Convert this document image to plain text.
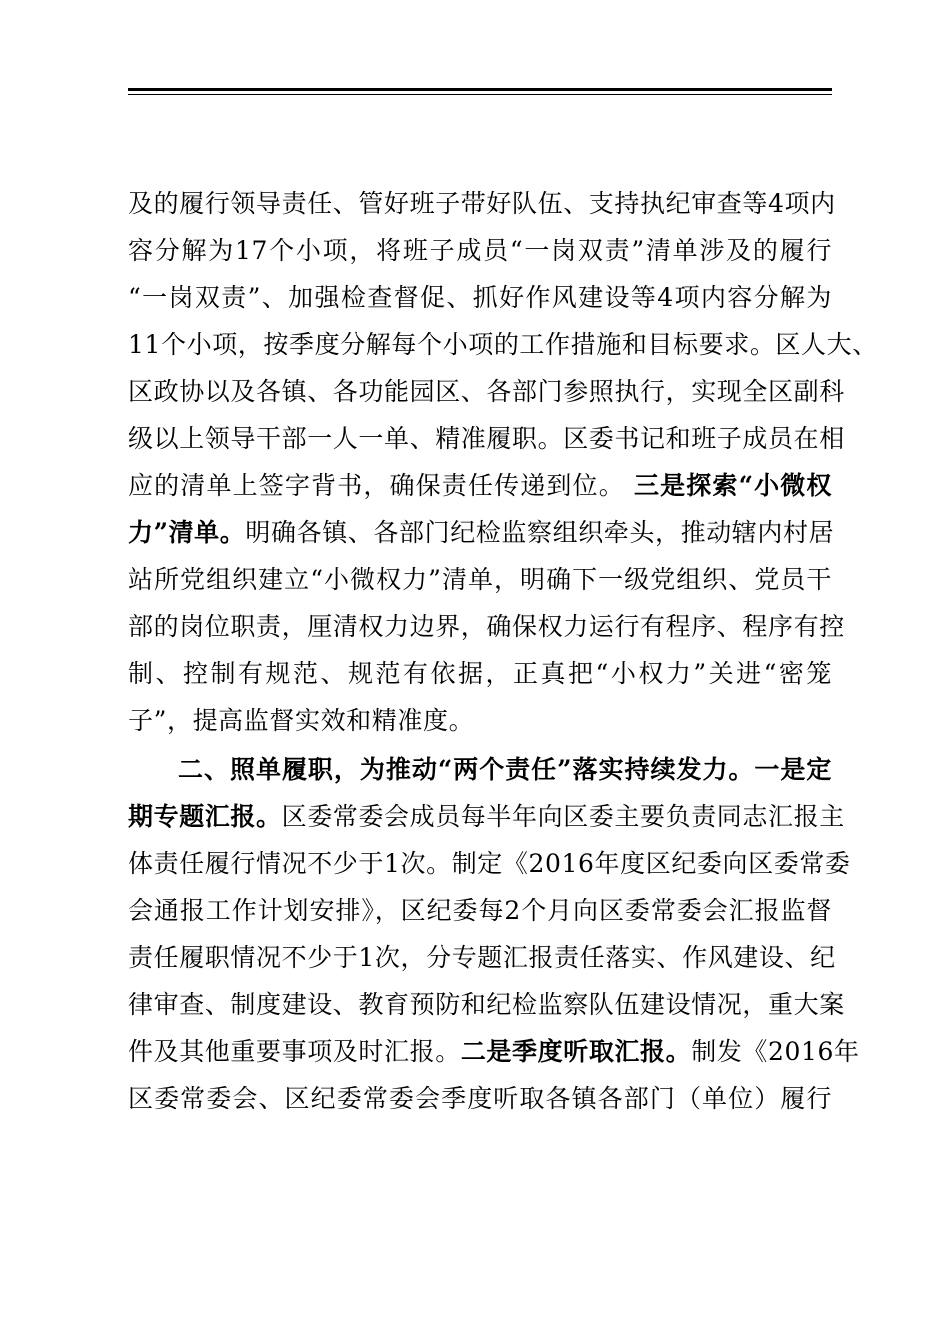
及的履行领导责任、管好班子带好队伍、支持执纪审查等4项内
容分解为17个小项，将班子成员“一岗双责”清单涉及的履行
“一岗双责”、加强检查督促、抓好作风建设等4项内容分解为
11个小项，按季度分解每个小项的工作措施和目标要求。区人大、
区政协以及各镇、各功能园区、各部门参照执行，实现全区副科
级以上领导干部一人一单、精准履职。区委书记和班子成员在相
应的清单上签字背书，确保责任传递到位。 三是探索“小微权
力”清单。明确各镇、各部门纪检监察组织牵头，推动辖内村居
站所党组织建立“小微权力”清单，明确下一级党组织、党员干
部的岗位职责，厘清权力边界，确保权力运行有程序、程序有控
制、控制有规范、规范有依据，正真把“小权力”关进“密笼
子”，提高监督实效和精准度。
二、照单履职，为推动“两个责任”落实持续发力。一是定
期专题汇报。区委常委会成员每半年向区委主要负责同志汇报主
体责任履行情况不少于1次。制定《2016年度区纪委向区委常委
会通报工作计划安排》，区纪委每2个月向区委常委会汇报监督
责任履职情况不少于1次，分专题汇报责任落实、作风建设、纪
律审查、制度建设、教育预防和纪检监察队伍建设情况，重大案
件及其他重要事项及时汇报。二是季度听取汇报。制发《2016年
区委常委会、区纪委常委会季度听取各镇各部门（单位）履行
